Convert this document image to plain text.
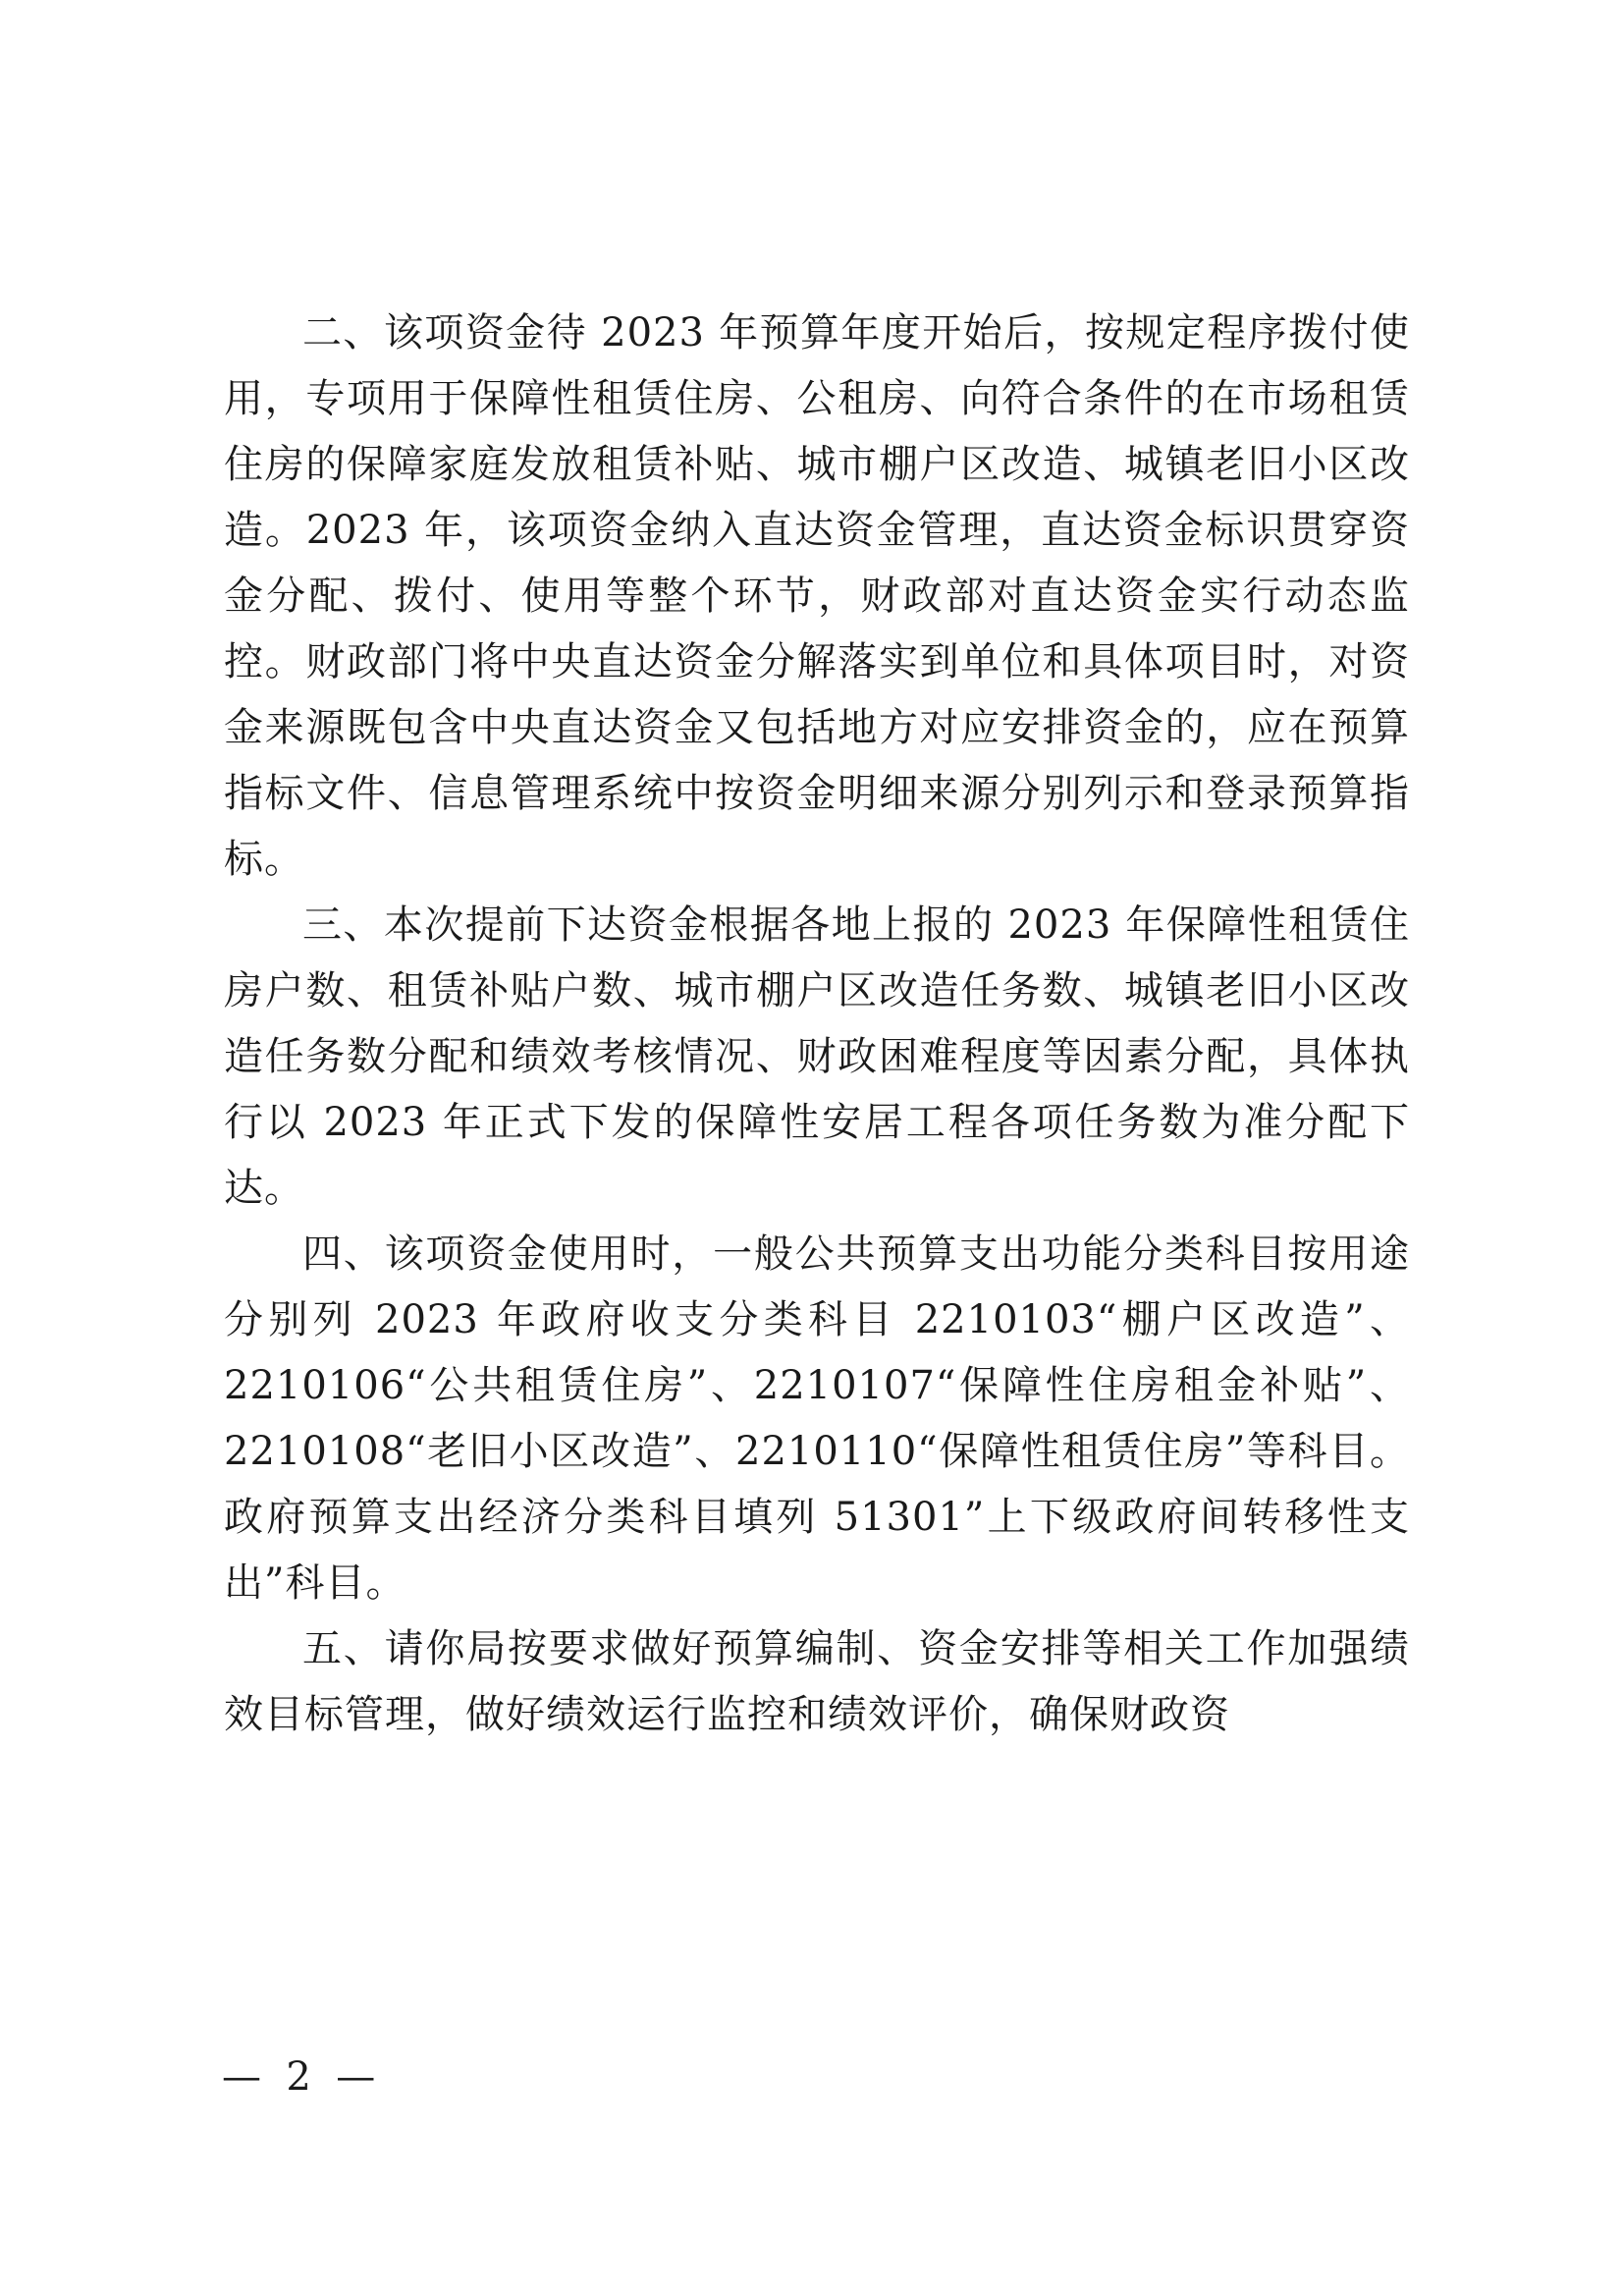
二、该项资金待 2023 年预算年度开始后，按规定程序拨付使用，专项用于保障性租赁住房、公租房、向符合条件的在市场租赁住房的保障家庭发放租赁补贴、城市棚户区改造、城镇老旧小区改造。2023 年，该项资金纳入直达资金管理，直达资金标识贯穿资金分配、拨付、使用等整个环节，财政部对直达资金实行动态监控。财政部门将中央直达资金分解落实到单位和具体项目时，对资金来源既包含中央直达资金又包括地方对应安排资金的，应在预算指标文件、信息管理系统中按资金明细来源分别列示和登录预算指标。

三、本次提前下达资金根据各地上报的 2023 年保障性租赁住房户数、租赁补贴户数、城市棚户区改造任务数、城镇老旧小区改造任务数分配和绩效考核情况、财政困难程度等因素分配，具体执行以 2023 年正式下发的保障性安居工程各项任务数为准分配下达。

四、该项资金使用时，一般公共预算支出功能分类科目按用途分别列 2023 年政府收支分类科目 2210103“棚户区改造”、2210106“公共租赁住房”、2210107“保障性住房租金补贴”、2210108“老旧小区改造”、2210110“保障性租赁住房”等科目。政府预算支出经济分类科目填列 51301”上下级政府间转移性支出”科目。

五、请你局按要求做好预算编制、资金安排等相关工作加强绩效目标管理，做好绩效运行监控和绩效评价，确保财政资

—  2  —
